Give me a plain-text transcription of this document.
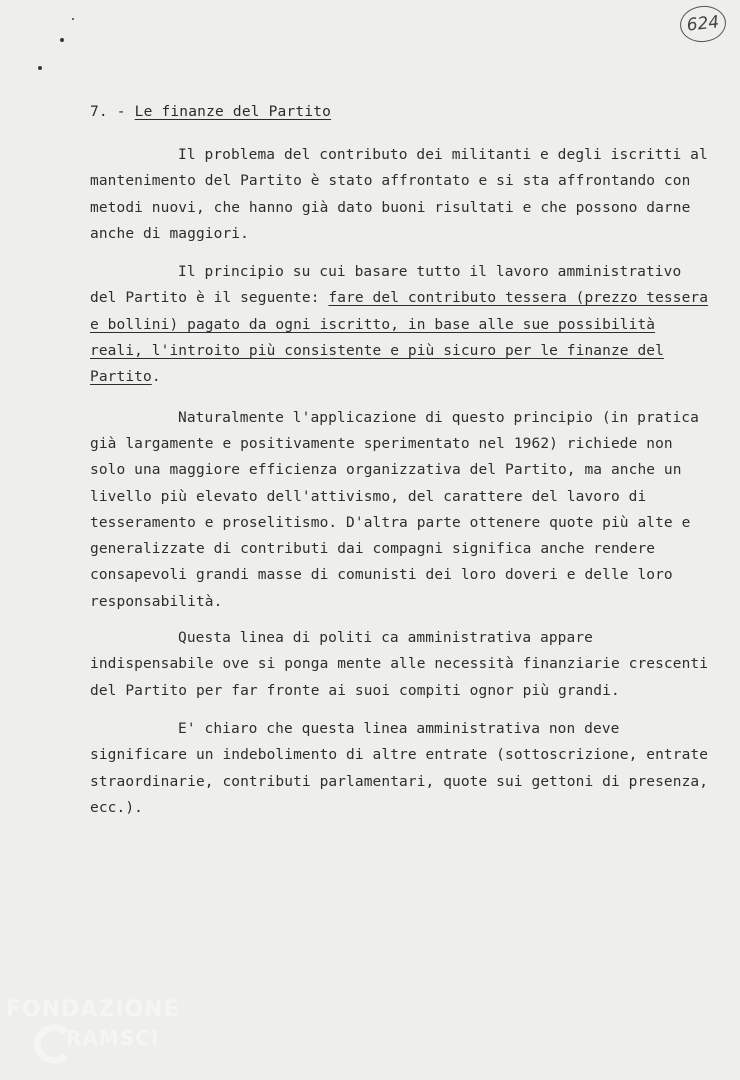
624
7. - Le finanze del Partito

Il problema del contributo dei militanti e degli iscritti al mantenimento del Partito è stato affrontato e si sta affrontando con metodi nuovi, che hanno già dato buoni risultati e che possono darne anche di maggiori.

Il principio su cui basare tutto il lavoro amministrativo del Partito è il seguente: fare del contributo tessera (prezzo tessera e bollini) pagato da ogni iscritto, in base alle sue possibilità reali, l'introito più consistente e più sicuro per le finanze del Partito.

Naturalmente l'applicazione di questo principio (in pratica già largamente e positivamente sperimentato nel 1962) richiede non solo una maggiore efficienza organizzativa del Partito, ma anche un livello più elevato dell'attivismo, del carattere del lavoro di tesseramento e proselitismo. D'altra parte ottenere quote più alte e generalizzate di contributi dai compagni significa anche rendere consapevoli grandi masse di comunisti dei loro doveri e delle loro responsabilità.

Questa linea di politi ca amministrativa appare indispensabile ove si ponga mente alle necessità finanziarie crescenti del Partito per far fronte ai suoi compiti ognor più grandi.

E' chiaro che questa linea amministrativa non deve significare un indebolimento di altre entrate (sottoscrizione, entrate straordinarie, contributi parlamentari, quote sui gettoni di presenza, ecc.).

FONDAZIONE
RAMSCI
